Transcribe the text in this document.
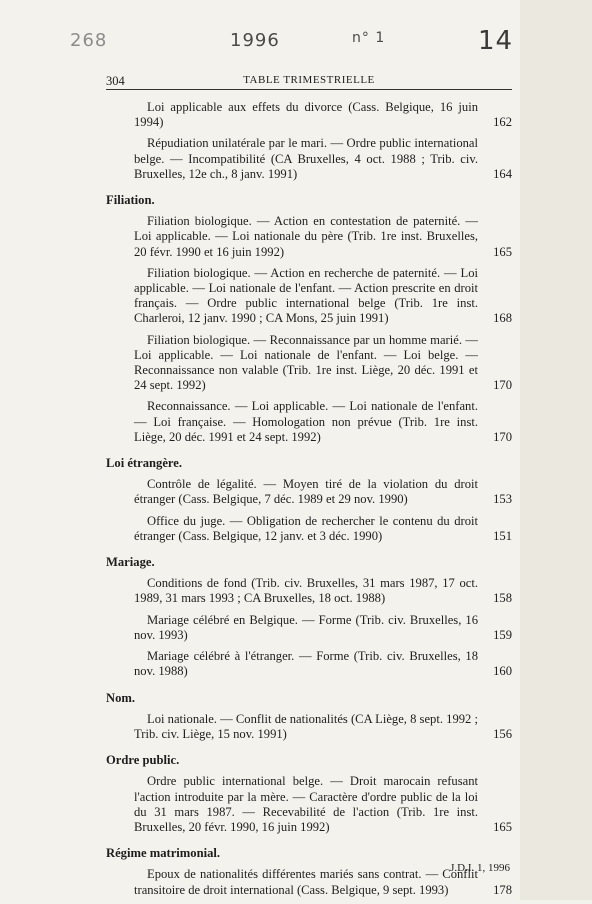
268	1996	n° 1	14
304	TABLE TRIMESTRIELLE
Loi applicable aux effets du divorce (Cass. Belgique, 16 juin 1994)	162
Répudiation unilatérale par le mari. — Ordre public international belge. — Incompatibilité (CA Bruxelles, 4 oct. 1988 ; Trib. civ. Bruxelles, 12e ch., 8 janv. 1991)	164
Filiation.
Filiation biologique. — Action en contestation de paternité. — Loi applicable. — Loi nationale du père (Trib. 1re inst. Bruxelles, 20 févr. 1990 et 16 juin 1992)	165
Filiation biologique. — Action en recherche de paternité. — Loi applicable. — Loi nationale de l'enfant. — Action prescrite en droit français. — Ordre public international belge (Trib. 1re inst. Charleroi, 12 janv. 1990 ; CA Mons, 25 juin 1991)	168
Filiation biologique. — Reconnaissance par un homme marié. — Loi applicable. — Loi nationale de l'enfant. — Loi belge. — Reconnaissance non valable (Trib. 1re inst. Liège, 20 déc. 1991 et 24 sept. 1992)	170
Reconnaissance. — Loi applicable. — Loi nationale de l'enfant. — Loi française. — Homologation non prévue (Trib. 1re inst. Liège, 20 déc. 1991 et 24 sept. 1992)	170
Loi étrangère.
Contrôle de légalité. — Moyen tiré de la violation du droit étranger (Cass. Belgique, 7 déc. 1989 et 29 nov. 1990)	153
Office du juge. — Obligation de rechercher le contenu du droit étranger (Cass. Belgique, 12 janv. et 3 déc. 1990)	151
Mariage.
Conditions de fond (Trib. civ. Bruxelles, 31 mars 1987, 17 oct. 1989, 31 mars 1993 ; CA Bruxelles, 18 oct. 1988)	158
Mariage célébré en Belgique. — Forme (Trib. civ. Bruxelles, 16 nov. 1993)	159
Mariage célébré à l'étranger. — Forme (Trib. civ. Bruxelles, 18 nov. 1988)	160
Nom.
Loi nationale. — Conflit de nationalités (CA Liège, 8 sept. 1992 ; Trib. civ. Liège, 15 nov. 1991)	156
Ordre public.
Ordre public international belge. — Droit marocain refusant l'action introduite par la mère. — Caractère d'ordre public de la loi du 31 mars 1987. — Recevabilité de l'action (Trib. 1re inst. Bruxelles, 20 févr. 1990, 16 juin 1992)	165
Régime matrimonial.
Epoux de nationalités différentes mariés sans contrat. — Conflit transitoire de droit international (Cass. Belgique, 9 sept. 1993)	178
J.D.I. 1, 1996
